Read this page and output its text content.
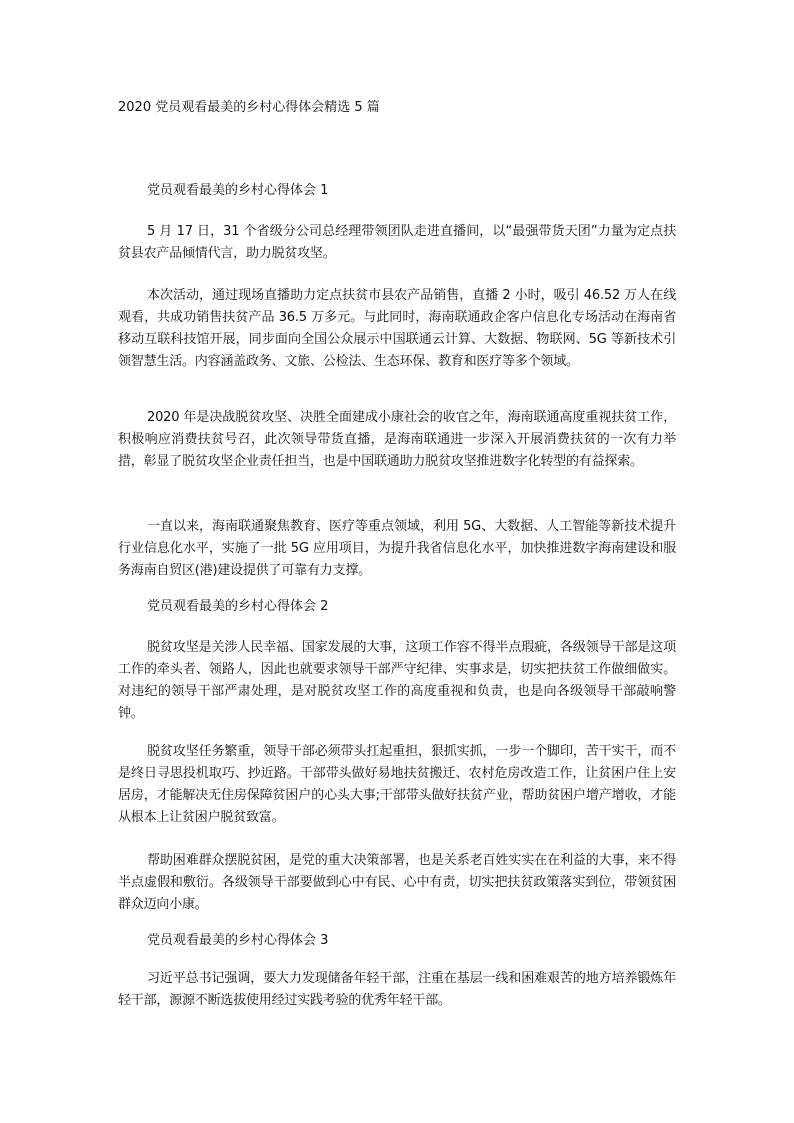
2020 党员观看最美的乡村心得体会精选 5 篇

党员观看最美的乡村心得体会 1

5 月 17 日，31 个省级分公司总经理带领团队走进直播间，以“最强带货天团”力量为定点扶贫县农产品倾情代言，助力脱贫攻坚。

本次活动，通过现场直播助力定点扶贫市县农产品销售，直播 2 小时，吸引 46.52 万人在线观看，共成功销售扶贫产品 36.5 万多元。与此同时，海南联通政企客户信息化专场活动在海南省移动互联科技馆开展，同步面向全国公众展示中国联通云计算、大数据、物联网、5G 等新技术引领智慧生活。内容涵盖政务、文旅、公检法、生态环保、教育和医疗等多个领域。

2020 年是决战脱贫攻坚、决胜全面建成小康社会的收官之年，海南联通高度重视扶贫工作，积极响应消费扶贫号召，此次领导带货直播，是海南联通进一步深入开展消费扶贫的一次有力举措，彰显了脱贫攻坚企业责任担当，也是中国联通助力脱贫攻坚推进数字化转型的有益探索。

一直以来，海南联通聚焦教育、医疗等重点领域，利用 5G、大数据、人工智能等新技术提升行业信息化水平，实施了一批 5G 应用项目，为提升我省信息化水平，加快推进数字海南建设和服务海南自贸区(港)建设提供了可靠有力支撑。

党员观看最美的乡村心得体会 2

脱贫攻坚是关涉人民幸福、国家发展的大事，这项工作容不得半点瑕疵，各级领导干部是这项工作的牵头者、领路人，因此也就要求领导干部严守纪律、实事求是，切实把扶贫工作做细做实。对违纪的领导干部严肃处理，是对脱贫攻坚工作的高度重视和负责，也是向各级领导干部敲响警钟。

脱贫攻坚任务繁重，领导干部必须带头扛起重担，狠抓实抓，一步一个脚印，苦干实干，而不是终日寻思投机取巧、抄近路。干部带头做好易地扶贫搬迁、农村危房改造工作，让贫困户住上安居房，才能解决无住房保障贫困户的心头大事;干部带头做好扶贫产业，帮助贫困户增产增收，才能从根本上让贫困户脱贫致富。

帮助困难群众摆脱贫困，是党的重大决策部署，也是关系老百姓实实在在利益的大事，来不得半点虚假和敷衍。各级领导干部要做到心中有民、心中有责，切实把扶贫政策落实到位，带领贫困群众迈向小康。

党员观看最美的乡村心得体会 3

习近平总书记强调，要大力发现储备年轻干部，注重在基层一线和困难艰苦的地方培养锻炼年轻干部，源源不断选拔使用经过实践考验的优秀年轻干部。
